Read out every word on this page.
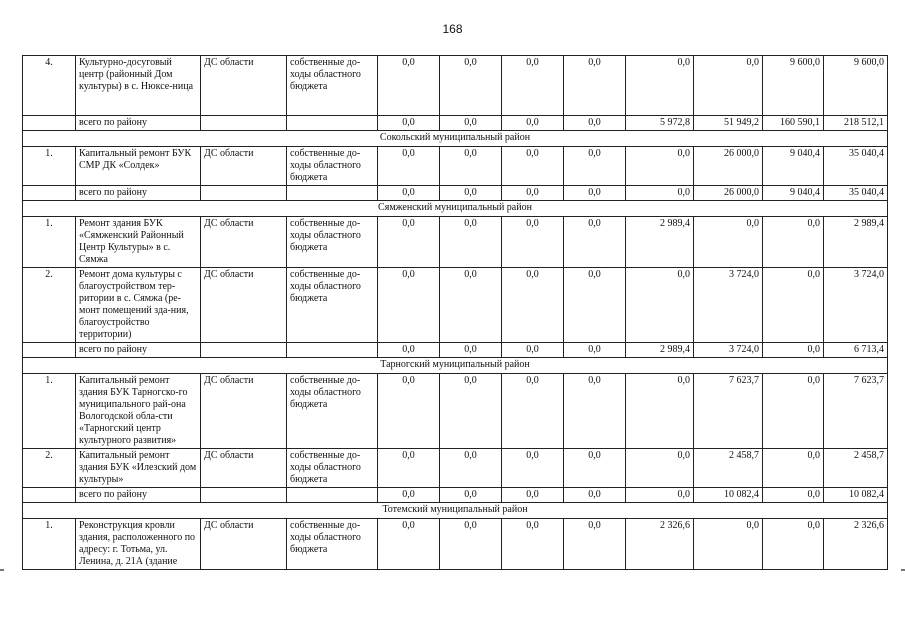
168
4.	Культурно-досуговый центр (районный Дом культуры) в с. Нюксе-ница	ДС области	собственные до-ходы областного бюджета	0,0	0,0	0,0	0,0	0,0	0,0	9 600,0	9 600,0
	всего по району			0,0	0,0	0,0	0,0	5 972,8	51 949,2	160 590,1	218 512,1
Сокольский муниципальный район											
1.	Капитальный ремонт БУК СМР ДК «Солдек»	ДС области	собственные до-ходы областного бюджета	0,0	0,0	0,0	0,0	0,0	26 000,0	9 040,4	35 040,4
	всего по району			0,0	0,0	0,0	0,0	0,0	26 000,0	9 040,4	35 040,4
Сямженский муниципальный район											
1.	Ремонт здания БУК «Сямженский Районный Центр Культуры» в с. Сямжа	ДС области	собственные до-ходы областного бюджета	0,0	0,0	0,0	0,0	2 989,4	0,0	0,0	2 989,4
2.	Ремонт дома культуры с благоустройством тер-ритории в с. Сямжа (ре-монт помещений зда-ния, благоустройство территории)	ДС области	собственные до-ходы областного бюджета	0,0	0,0	0,0	0,0	0,0	3 724,0	0,0	3 724,0
	всего по району			0,0	0,0	0,0	0,0	2 989,4	3 724,0	0,0	6 713,4
Тарногский муниципальный район											
1.	Капитальный ремонт здания БУК Тарногско-го муниципального рай-она Вологодской обла-сти «Тарногский центр культурного развития»	ДС области	собственные до-ходы областного бюджета	0,0	0,0	0,0	0,0	0,0	7 623,7	0,0	7 623,7
2.	Капитальный ремонт здания БУК «Илезский дом культуры»	ДС области	собственные до-ходы областного бюджета	0,0	0,0	0,0	0,0	0,0	2 458,7	0,0	2 458,7
	всего по району			0,0	0,0	0,0	0,0	0,0	10 082,4	0,0	10 082,4
Тотемский муниципальный район											
1.	Реконструкция кровли здания, расположенного по адресу: г. Тотьма, ул. Ленина, д. 21А (здание	ДС области	собственные до-ходы областного бюджета	0,0	0,0	0,0	0,0	2 326,6	0,0	0,0	2 326,6
